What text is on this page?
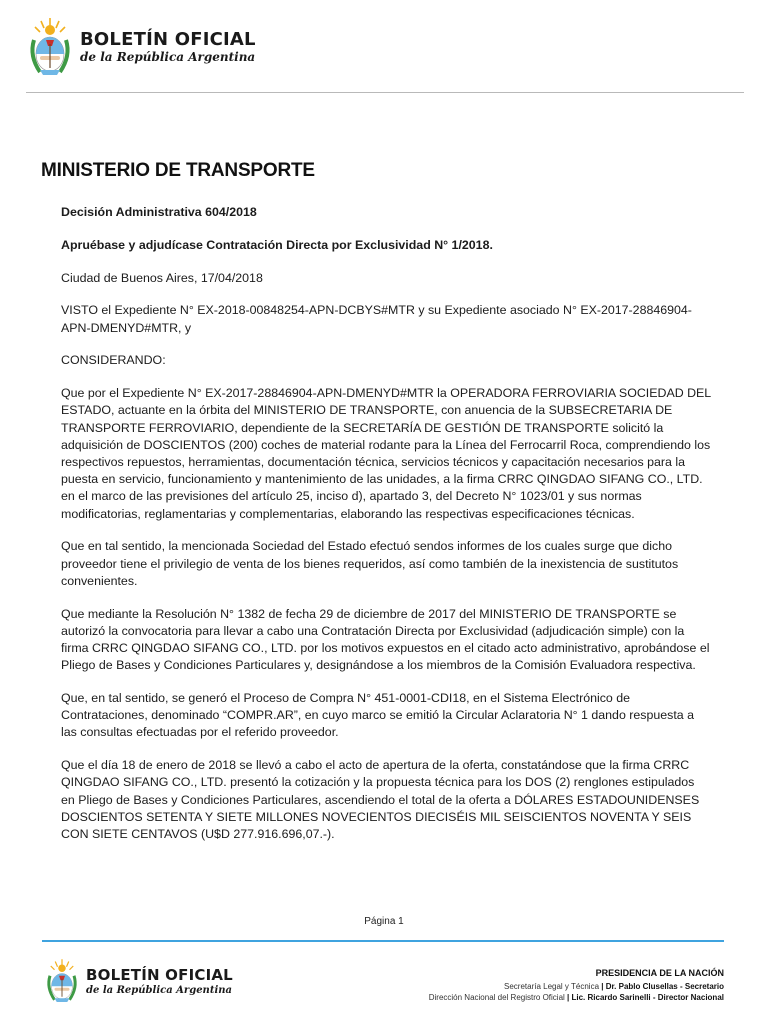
BOLETÍN OFICIAL
de la República Argentina
MINISTERIO DE TRANSPORTE

Decisión Administrativa 604/2018

Apruébase y adjudícase Contratación Directa por Exclusividad N° 1/2018.

Ciudad de Buenos Aires, 17/04/2018

VISTO el Expediente N° EX-2018-00848254-APN-DCBYS#MTR y su Expediente asociado N° EX-2017-28846904-APN-DMENYD#MTR, y

CONSIDERANDO:

Que por el Expediente N° EX-2017-28846904-APN-DMENYD#MTR la OPERADORA FERROVIARIA SOCIEDAD DEL ESTADO, actuante en la órbita del MINISTERIO DE TRANSPORTE, con anuencia de la SUBSECRETARIA DE TRANSPORTE FERROVIARIO, dependiente de la SECRETARÍA DE GESTIÓN DE TRANSPORTE solicitó la adquisición de DOSCIENTOS (200) coches de material rodante para la Línea del Ferrocarril Roca, comprendiendo los respectivos repuestos, herramientas, documentación técnica, servicios técnicos y capacitación necesarios para la puesta en servicio, funcionamiento y mantenimiento de las unidades, a la firma CRRC QINGDAO SIFANG CO., LTD. en el marco de las previsiones del artículo 25, inciso d), apartado 3, del Decreto N° 1023/01 y sus normas modificatorias, reglamentarias y complementarias, elaborando las respectivas especificaciones técnicas.

Que en tal sentido, la mencionada Sociedad del Estado efectuó sendos informes de los cuales surge que dicho proveedor tiene el privilegio de venta de los bienes requeridos, así como también de la inexistencia de sustitutos convenientes.

Que mediante la Resolución N° 1382 de fecha 29 de diciembre de 2017 del MINISTERIO DE TRANSPORTE se autorizó la convocatoria para llevar a cabo una Contratación Directa por Exclusividad (adjudicación simple) con la firma CRRC QINGDAO SIFANG CO., LTD. por los motivos expuestos en el citado acto administrativo, aprobándose el Pliego de Bases y Condiciones Particulares y, designándose a los miembros de la Comisión Evaluadora respectiva.

Que, en tal sentido, se generó el Proceso de Compra N° 451-0001-CDI18, en el Sistema Electrónico de Contrataciones, denominado “COMPR.AR”, en cuyo marco se emitió la Circular Aclaratoria N° 1 dando respuesta a las consultas efectuadas por el referido proveedor.

Que el día 18 de enero de 2018 se llevó a cabo el acto de apertura de la oferta, constatándose que la firma CRRC QINGDAO SIFANG CO., LTD. presentó la cotización y la propuesta técnica para los DOS (2) renglones estipulados en Pliego de Bases y Condiciones Particulares, ascendiendo el total de la oferta a DÓLARES ESTADOUNIDENSES DOSCIENTOS SETENTA Y SIETE MILLONES NOVECIENTOS DIECISÉIS MIL SEISCIENTOS NOVENTA Y SEIS CON SIETE CENTAVOS (U$D 277.916.696,07.-).

Página 1
BOLETÍN OFICIAL
de la República Argentina
PRESIDENCIA DE LA NACIÓN
Secretaría Legal y Técnica | Dr. Pablo Clusellas - Secretario
Dirección Nacional del Registro Oficial | Lic. Ricardo Sarinelli - Director Nacional
